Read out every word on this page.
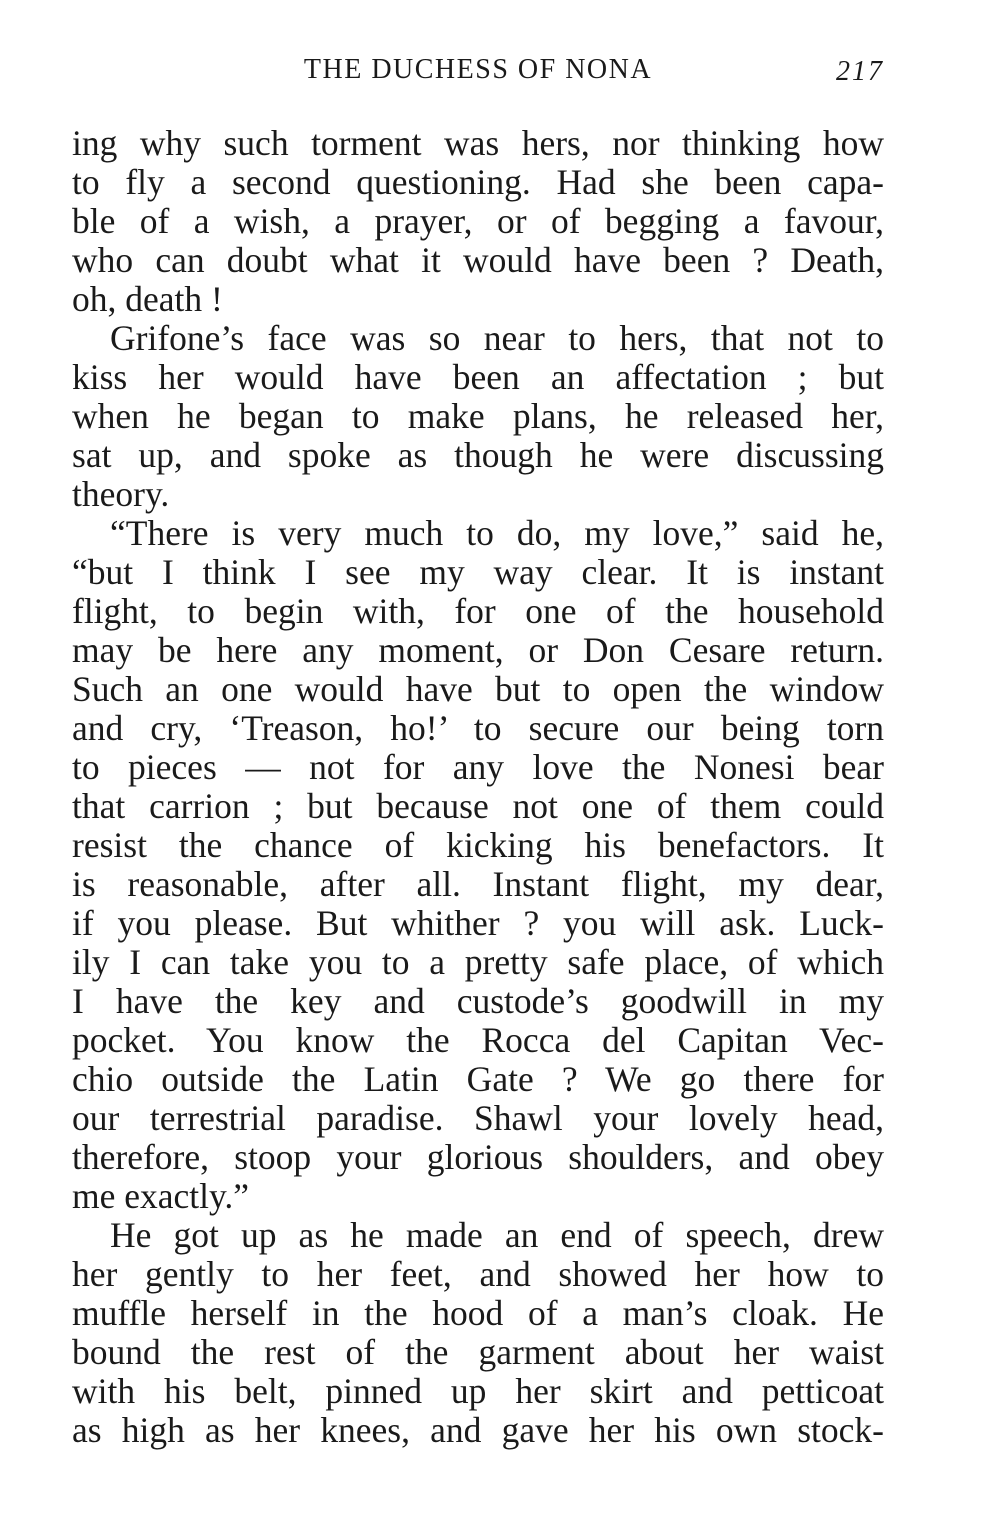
THE DUCHESS OF NONA	217
ing why such torment was hers, nor thinking how
to fly a second questioning. Had she been capa-
ble of a wish, a prayer, or of begging a favour,
who can doubt what it would have been ? Death,
oh, death !
Grifone’s face was so near to hers, that not to
kiss her would have been an affectation ; but
when he began to make plans, he released her,
sat up, and spoke as though he were discussing
theory.
“There is very much to do, my love,” said he,
“but I think I see my way clear. It is instant
flight, to begin with, for one of the household
may be here any moment, or Don Cesare return.
Such an one would have but to open the window
and cry, ‘Treason, ho!’ to secure our being torn
to pieces — not for any love the Nonesi bear
that carrion ; but because not one of them could
resist the chance of kicking his benefactors. It
is reasonable, after all. Instant flight, my dear,
if you please. But whither ? you will ask. Luck-
ily I can take you to a pretty safe place, of which
I have the key and custode’s goodwill in my
pocket. You know the Rocca del Capitan Vec-
chio outside the Latin Gate ? We go there for
our terrestrial paradise. Shawl your lovely head,
therefore, stoop your glorious shoulders, and obey
me exactly.”
He got up as he made an end of speech, drew
her gently to her feet, and showed her how to
muffle herself in the hood of a man’s cloak. He
bound the rest of the garment about her waist
with his belt, pinned up her skirt and petticoat
as high as her knees, and gave her his own stock-
